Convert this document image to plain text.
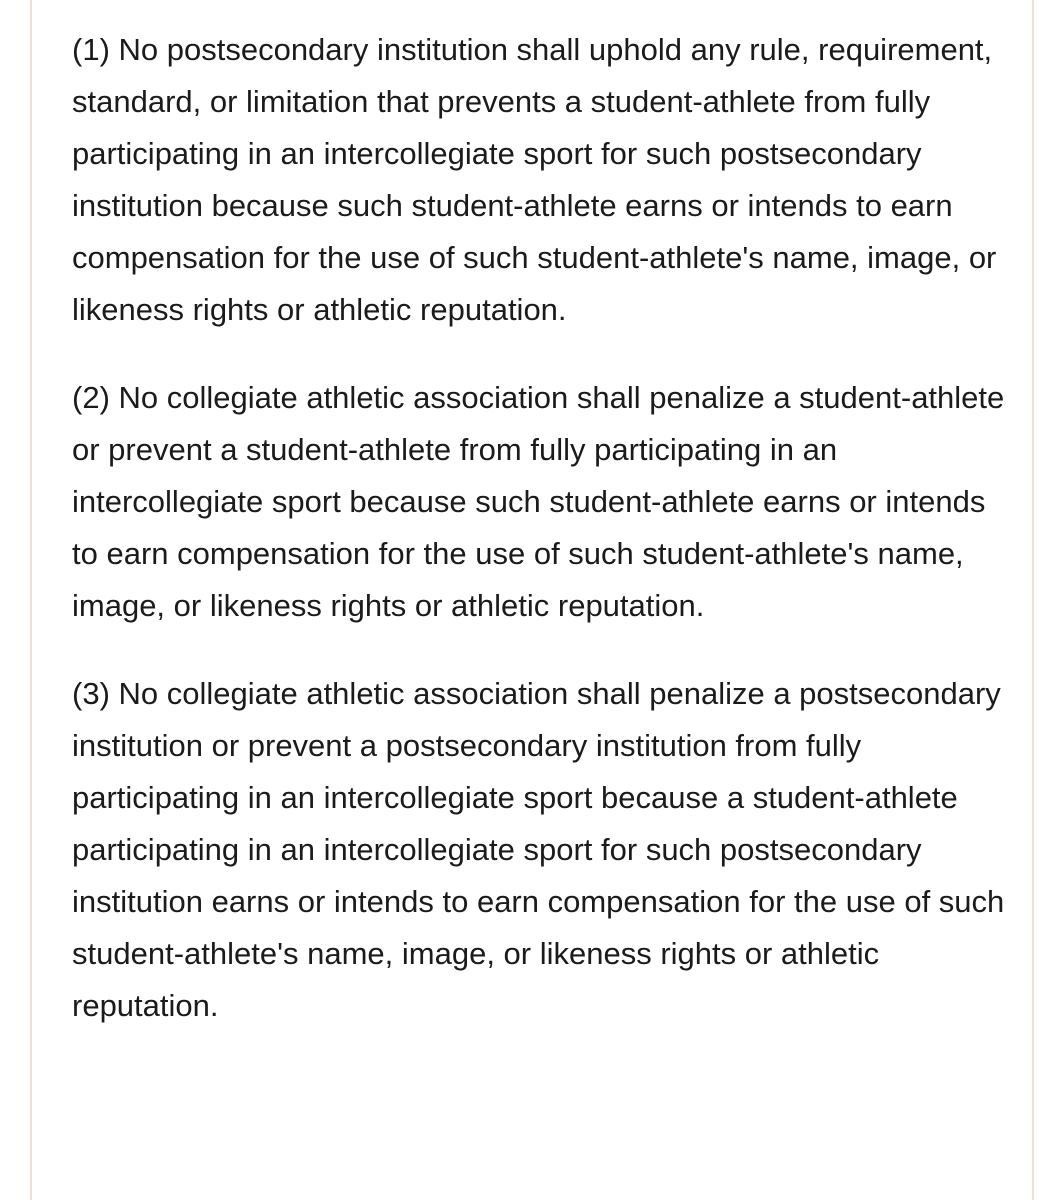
(1) No postsecondary institution shall uphold any rule, requirement, standard, or limitation that prevents a student-athlete from fully participating in an intercollegiate sport for such postsecondary institution because such student-athlete earns or intends to earn compensation for the use of such student-athlete's name, image, or likeness rights or athletic reputation.

(2) No collegiate athletic association shall penalize a student-athlete or prevent a student-athlete from fully participating in an intercollegiate sport because such student-athlete earns or intends to earn compensation for the use of such student-athlete's name, image, or likeness rights or athletic reputation.

(3) No collegiate athletic association shall penalize a postsecondary institution or prevent a postsecondary institution from fully participating in an intercollegiate sport because a student-athlete participating in an intercollegiate sport for such postsecondary institution earns or intends to earn compensation for the use of such student-athlete's name, image, or likeness rights or athletic reputation.
